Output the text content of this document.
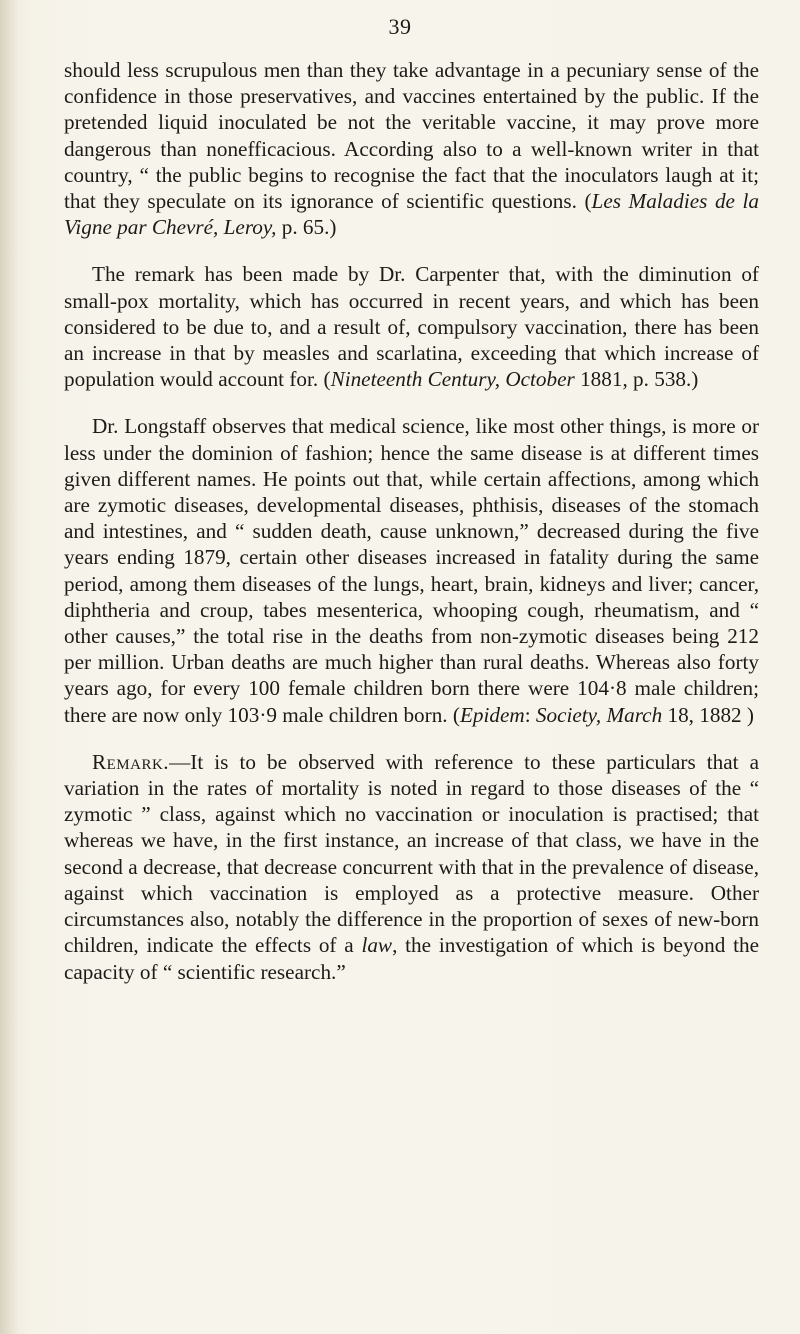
39

should less scrupulous men than they take advantage in a pecuniary sense of the confidence in those preservatives, and vaccines entertained by the public. If the pretended liquid inoculated be not the veritable vaccine, it may prove more dangerous than nonefficacious. According also to a well-known writer in that country, “ the public begins to recognise the fact that the inoculators laugh at it; that they speculate on its ignorance of scientific questions. (Les Maladies de la Vigne par Chevré, Leroy, p. 65.)

The remark has been made by Dr. Carpenter that, with the diminution of small-pox mortality, which has occurred in recent years, and which has been considered to be due to, and a result of, compulsory vaccination, there has been an increase in that by measles and scarlatina, exceeding that which increase of population would account for. (Nineteenth Century, October 1881, p. 538.)

Dr. Longstaff observes that medical science, like most other things, is more or less under the dominion of fashion; hence the same disease is at different times given different names. He points out that, while certain affections, among which are zymotic diseases, developmental diseases, phthisis, diseases of the stomach and intestines, and “ sudden death, cause unknown,” decreased during the five years ending 1879, certain other diseases increased in fatality during the same period, among them diseases of the lungs, heart, brain, kidneys and liver; cancer, diphtheria and croup, tabes mesenterica, whooping cough, rheumatism, and “ other causes,” the total rise in the deaths from non-zymotic diseases being 212 per million. Urban deaths are much higher than rural deaths. Whereas also forty years ago, for every 100 female children born there were 104·8 male children; there are now only 103·9 male children born. (Epidem: Society, March 18, 1882 )

Remark.—It is to be observed with reference to these particulars that a variation in the rates of mortality is noted in regard to those diseases of the “ zymotic ” class, against which no vaccination or inoculation is practised; that whereas we have, in the first instance, an increase of that class, we have in the second a decrease, that decrease concurrent with that in the prevalence of disease, against which vaccination is employed as a protective measure. Other circumstances also, notably the difference in the proportion of sexes of new-born children, indicate the effects of a law, the investigation of which is beyond the capacity of “ scientific research.”
